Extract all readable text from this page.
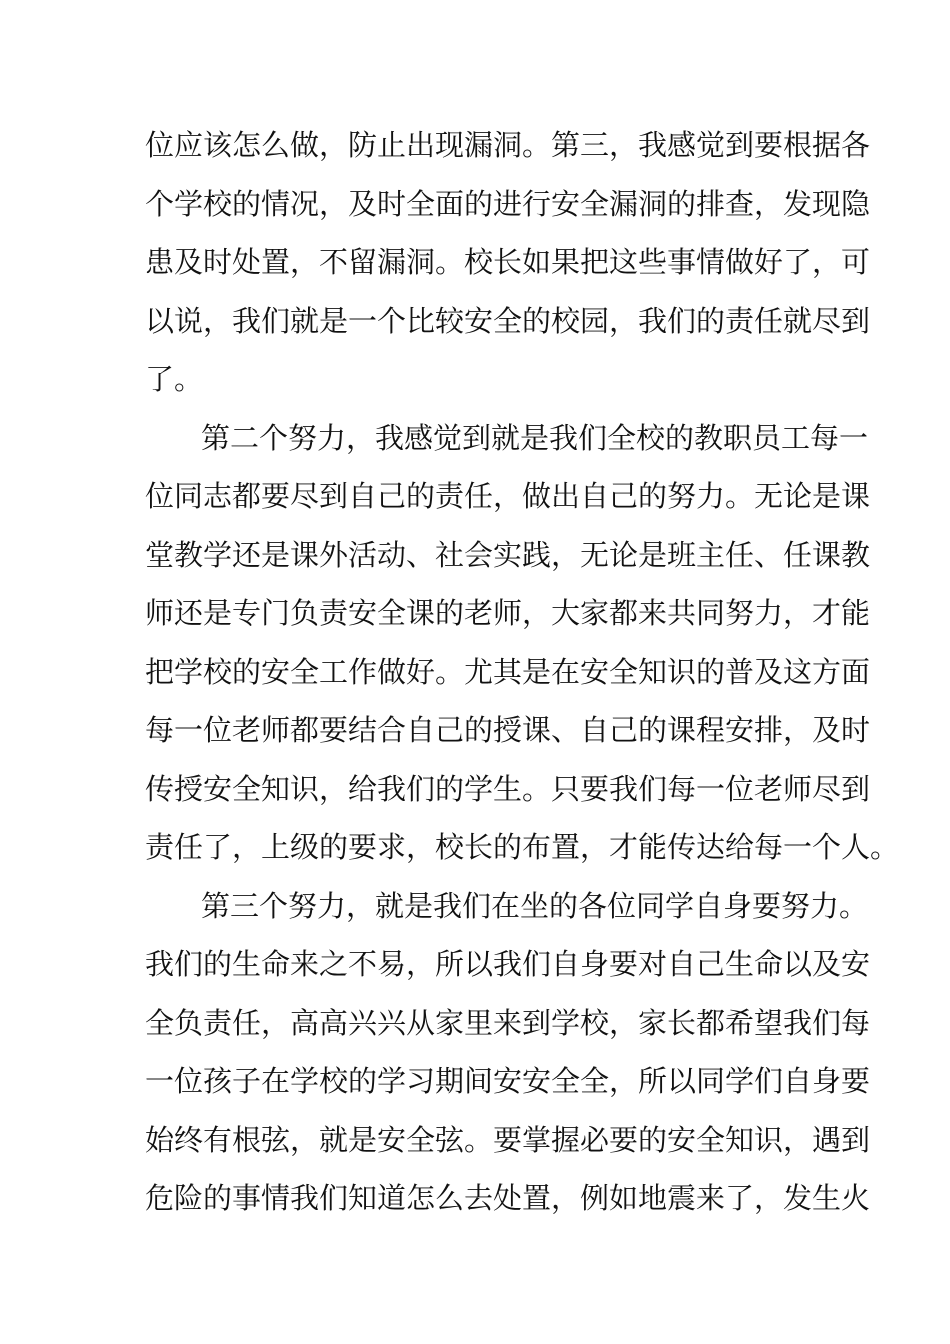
位应该怎么做，防止出现漏洞。第三，我感觉到要根据各
个学校的情况，及时全面的进行安全漏洞的排查，发现隐
患及时处置，不留漏洞。校长如果把这些事情做好了，可
以说，我们就是一个比较安全的校园，我们的责任就尽到
了。
第二个努力，我感觉到就是我们全校的教职员工每一
位同志都要尽到自己的责任，做出自己的努力。无论是课
堂教学还是课外活动、社会实践，无论是班主任、任课教
师还是专门负责安全课的老师，大家都来共同努力，才能
把学校的安全工作做好。尤其是在安全知识的普及这方面
每一位老师都要结合自己的授课、自己的课程安排，及时
传授安全知识，给我们的学生。只要我们每一位老师尽到
责任了，上级的要求，校长的布置，才能传达给每一个人。
第三个努力，就是我们在坐的各位同学自身要努力。
我们的生命来之不易，所以我们自身要对自己生命以及安
全负责任，高高兴兴从家里来到学校，家长都希望我们每
一位孩子在学校的学习期间安安全全，所以同学们自身要
始终有根弦，就是安全弦。要掌握必要的安全知识，遇到
危险的事情我们知道怎么去处置，例如地震来了，发生火
